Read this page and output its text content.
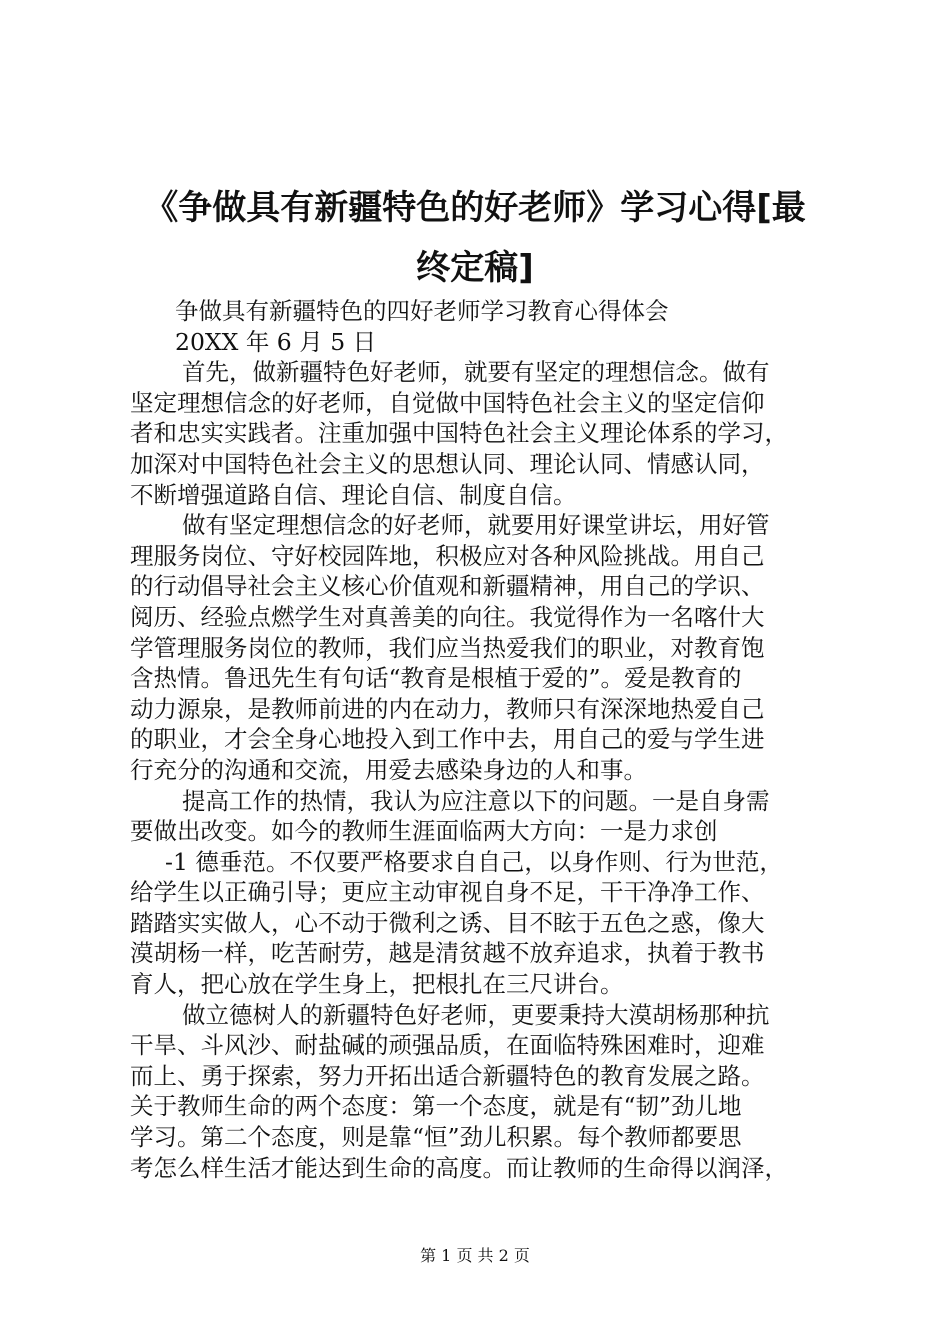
《争做具有新疆特色的好老师》学习心得[最
终定稿]
争做具有新疆特色的四好老师学习教育心得体会
20XX 年 6 月 5 日
首先，做新疆特色好老师，就要有坚定的理想信念。做有
坚定理想信念的好老师，自觉做中国特色社会主义的坚定信仰
者和忠实实践者。注重加强中国特色社会主义理论体系的学习，
加深对中国特色社会主义的思想认同、理论认同、情感认同，
不断增强道路自信、理论自信、制度自信。
做有坚定理想信念的好老师，就要用好课堂讲坛，用好管
理服务岗位、守好校园阵地，积极应对各种风险挑战。用自己
的行动倡导社会主义核心价值观和新疆精神，用自己的学识、
阅历、经验点燃学生对真善美的向往。我觉得作为一名喀什大
学管理服务岗位的教师，我们应当热爱我们的职业，对教育饱
含热情。鲁迅先生有句话“教育是根植于爱的”。爱是教育的
动力源泉，是教师前进的内在动力，教师只有深深地热爱自己
的职业，才会全身心地投入到工作中去，用自己的爱与学生进
行充分的沟通和交流，用爱去感染身边的人和事。
提高工作的热情，我认为应注意以下的问题。一是自身需
要做出改变。如今的教师生涯面临两大方向：一是力求创
-1 德垂范。不仅要严格要求自自己，以身作则、行为世范，
给学生以正确引导；更应主动审视自身不足，干干净净工作、
踏踏实实做人，心不动于微利之诱、目不眩于五色之惑，像大
漠胡杨一样，吃苦耐劳，越是清贫越不放弃追求，执着于教书
育人，把心放在学生身上，把根扎在三尺讲台。
做立德树人的新疆特色好老师，更要秉持大漠胡杨那种抗
干旱、斗风沙、耐盐碱的顽强品质，在面临特殊困难时，迎难
而上、勇于探索，努力开拓出适合新疆特色的教育发展之路。
关于教师生命的两个态度：第一个态度，就是有“韧”劲儿地
学习。第二个态度，则是靠“恒”劲儿积累。每个教师都要思
考怎么样生活才能达到生命的高度。而让教师的生命得以润泽，
第 1 页 共 2 页
